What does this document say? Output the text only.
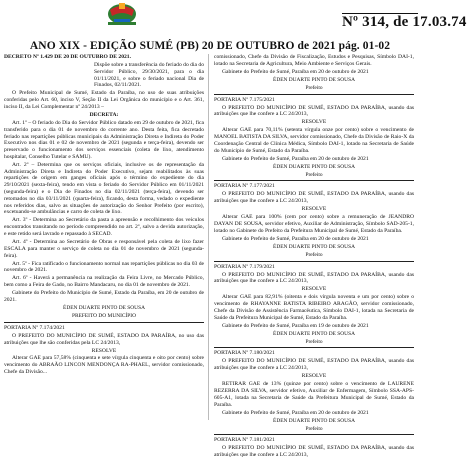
Nº 314, de 17.03.74
ANO XIX - EDIÇÃO SUMÉ (PB) 20 DE OUTUBRO de 2021 pág. 01-02

DECRETO Nº 1.429 DE 20 DE OUTUBRO DE 2021.

Dispõe sobre a transferência do feriado do dia do Servidor Público, 29/30/2021, para o dia 01/11/2021, e sobre o feriado nacional Dia de Finados, 02/11/2021.

O Prefeito Municipal de Sumé, Estado da Paraíba, no uso de suas atribuições conferidas pelo Art. 60, inciso V, Seção II da Lei Orgânica do município e o Art. 361, inciso II, da Lei Complementar nº 24/2013 –

DECRETA:

Art. 1º – O feriado do Dia do Servidor Público datado em 29 de outubro de 2021, fica transferido para o dia 01 de novembro do corrente ano. Desta feita, fica decretado feriado nas repartições públicas municipais da Administração Direta e Indireta do Poder Executivo nos dias 01 e 02 de novembro de 2021 (segunda e terça-feira), devendo ser preservado o funcionamento dos serviços essenciais (coleta de lixo, atendimento hospitalar, Conselho Tutelar e SAMU).

Art. 2º – Determina que os serviços oficiais, inclusive os de representação da Administração Direta e Indireta do Poder Executivo, sejam reabilitados às suas repartições de origem em ganges oficiais após o término do expediente do dia 29/10/2021 (sexta-feira), tendo em vista o feriado do Servidor Público em 01/11/2021 (segunda-feira) e o Dia de Finados no dia 02/11/2021 (terça-feira), devendo ser retomados no dia 03/11/2021 (quarta-feira), ficando, desta forma, vedado o expediente nos referidos dias, salvo as situações de autorização do Senhor Prefeito (por escrito), excetuando-se ambulâncias e carro de coleta de lixo.

Art. 3º - Determina ao Secretário da pasta a apreensão e recolhimento dos veículos encontrados transitando no período compreendido no art. 2º, salvo a devida autorização, e este retido será lavrado e repassado à SECAD.

Art. 4º - Determina ao Secretário de Obras e responsável pela coleta de lixo fazer ESCALA para manter o serviço de coleta no dia 01 de novembro de 2021 (segunda-feira).

Art. 5º - Fica ratificado o funcionamento normal nas repartições públicas no dia 03 de novembro de 2021.

Art. 6º - Haverá a permanência na realização da Feira Livre, no Mercado Público, bem como a Feira de Gado, no Bairro Mandacaru, no dia 01 de novembro de 2021.

Gabinete do Prefeito do Município de Sumé, Estado da Paraíba, em 20 de outubro de 2021.

ÉDEN DUARTE PINTO DE SOUSA

PREFEITO DO MUNICÍPIO

PORTARIA Nº 7.174/2021

O PREFEITO DO MUNICÍPIO DE SUMÉ, ESTADO DA PARAÍBA, no uso das atribuições que lhe são conferidas pela LC 24/2013,

RESOLVE

Alterar GAE para 57,58% (cinquenta e sete vírgula cinquenta e oito por cento) sobre vencimento do ABRAÃO LINCON MENDONÇA RA-PHAEL, servidor comissionado, Chefe da Divisão...

comissionado, Chefe da Divisão de Fiscalização, Estudos e Pesquisas, Símbolo DAI-1, lotado na Secretaria de Agricultura, Meio Ambiente e Serviços Gerais.

Gabinete do Prefeito de Sumé, Paraíba em 20 de outubro de 2021

ÉDEN DUARTE PINTO DE SOUSA

Prefeito

PORTARIA Nº 7.175/2021

O PREFEITO DO MUNICÍPIO DE SUMÉ, ESTADO DA PARAÍBA, usando das atribuições que lhe confere a LC 24/2013,

RESOLVE

Alterar GAE para 70,11% (setenta vírgula onze por cento) sobre o vencimento de MANOEL BATISTA DA SILVA, servidor comissionado, Chefe da Divisão de Raio-X da Coordenação Central de Clínica Médica, Símbolo DAI-1, lotado na Secretaria de Saúde do Município de Sumé, Estado da Paraíba.

Gabinete do Prefeito de Sumé, Paraíba em 20 de outubro de 2021

ÉDEN DUARTE PINTO DE SOUSA

Prefeito

PORTARIA Nº 7.177/2021

O PREFEITO DO MUNICÍPIO DE SUMÉ, ESTADO DA PARAÍBA, usando das atribuições que lhe confere a LC 24/2013,

RESOLVE

Alterar GAE para 100% (cem por cento) sobre a remuneração de JEANDRO DAYAN DE SOUSA, servidor efetivo, Auxiliar de Administração, Símbolo SAD-205-1, lotado no Gabinete do Prefeito da Prefeitura Municipal de Sumé, Estado da Paraíba.

Gabinete do Prefeito de Sumé, Paraíba em 20 de outubro de 2021

ÉDEN DUARTE PINTO DE SOUSA

Prefeito

PORTARIA Nº 7.179/2021

O PREFEITO DO MUNICÍPIO DE SUMÉ, ESTADO DA PARAÍBA, usando das atribuições que lhe confere a LC 24/2013,

RESOLVE

Alterar GAE para 82,91% (oitenta e dois vírgula noventa e um por cento) sobre o vencimento de RHAYANNE BATISTA RIBEIRO ARAGÃO, servidor comissionado, Chefe da Divisão de Assistência Farmacêutica, Símbolo DAI-1, lotada na Secretaria de Saúde da Prefeitura Municipal de Sumé, Estado da Paraíba.

Gabinete do Prefeito de Sumé, Paraíba em 19 de outubro de 2021

ÉDEN DUARTE PINTO DE SOUSA

Prefeito

PORTARIA Nº 7.180/2021

O PREFEITO DO MUNICÍPIO DE SUMÉ, ESTADO DA PARAÍBA, usando das atribuições que lhe confere a LC 24/2013,

RESOLVE

RETIRAR GAE de 13% (quinze por cento) sobre o vencimento de LAURENE REZERRA DA SILVA, servidor efetivo, Auxiliar de Enfermagem, Símbolo SSA-APS- 605-A1, lotada na Secretaria de Saúde da Prefeitura Municipal de Sumé, Estado da Paraíba.

Gabinete do Prefeito de Sumé, Paraíba em 20 de outubro de 2021

ÉDEN DUARTE PINTO DE SOUSA

Prefeito

PORTARIA Nº 7.181/2021

O PREFEITO DO MUNICÍPIO DE SUMÉ, ESTADO DA PARAÍBA, usando das atribuições que lhe confere a LC 24/2013,
